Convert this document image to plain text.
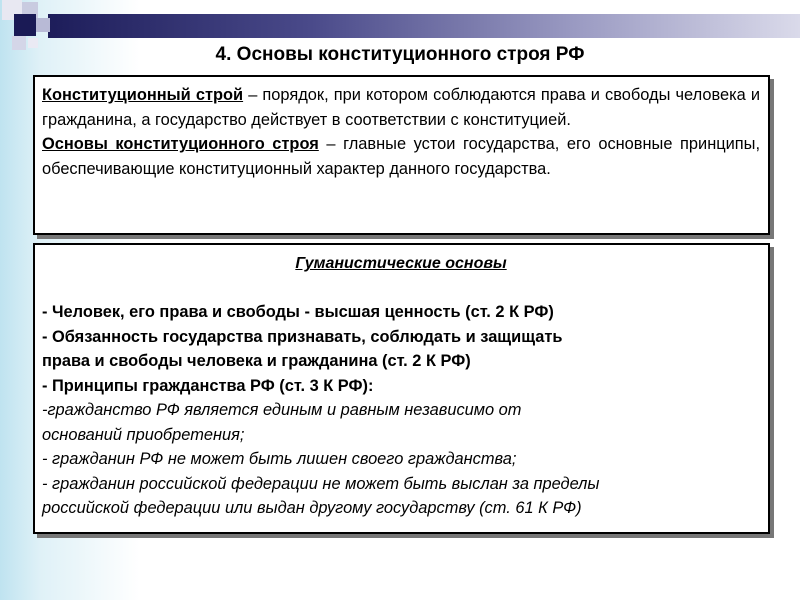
4. Основы конституционного строя РФ

Конституционный строй – порядок, при котором соблюдаются права и свободы человека и гражданина, а государство действует в соответствии с конституцией.

Основы конституционного строя – главные устои государства, его основные принципы, обеспечивающие конституционный характер данного государства.

Гуманистические основы

- Человек, его права и свободы - высшая ценность (ст. 2 К РФ)

- Обязанность государства признавать, соблюдать и защищать

права и свободы человека и гражданина (ст. 2 К РФ)

- Принципы гражданства РФ (ст. 3 К РФ):

-гражданство РФ является единым и равным независимо от

оснований приобретения;

- гражданин РФ не может быть лишен своего гражданства;

- гражданин российской федерации не может быть выслан за пределы

российской федерации или выдан другому государству (ст. 61 К РФ)
